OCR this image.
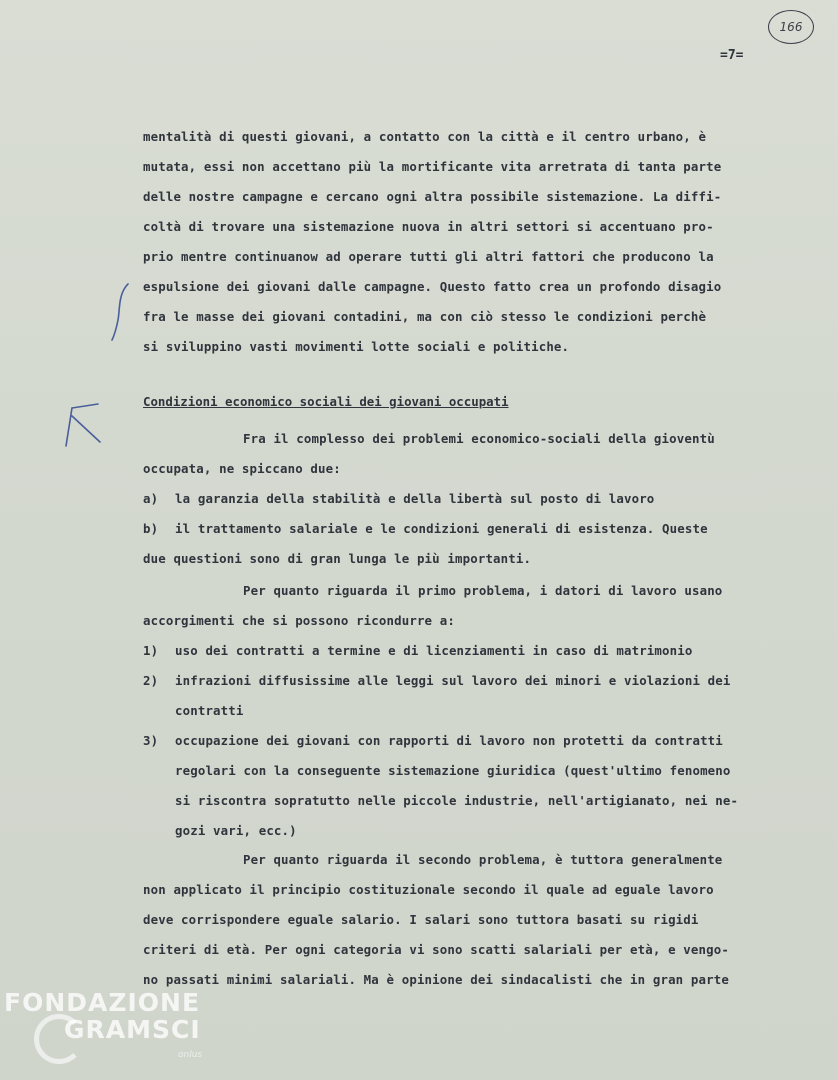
166
=7=
mentalità di questi giovani, a contatto con la città e il centro urbano, è
mutata, essi non accettano più la mortificante vita arretrata di tanta parte
delle nostre campagne e cercano ogni altra possibile sistemazione. La diffi-
coltà di trovare una sistemazione nuova in altri settori si accentuano pro-
prio mentre continuanow ad operare tutti gli altri fattori che producono la
espulsione dei giovani dalle campagne. Questo fatto crea un profondo disagio
fra le masse dei giovani contadini, ma con ciò stesso le condizioni perchè
si sviluppino vasti movimenti lotte sociali e politiche.
Condizioni economico sociali dei giovani occupati
Fra il complesso dei problemi economico-sociali della gioventù
occupata, ne spiccano due:
a)	la garanzia della stabilità e della libertà sul posto di lavoro
b)	il trattamento salariale e le condizioni generali di esistenza. Queste
due questioni sono di gran lunga le più importanti.
Per quanto riguarda il primo problema, i datori di lavoro usano
accorgimenti che si possono ricondurre a:
1)	uso dei contratti a termine e di licenziamenti in caso di matrimonio
2)	infrazioni diffusissime alle leggi sul lavoro dei minori e violazioni dei
contratti
3)	occupazione dei giovani con rapporti di lavoro non protetti da contratti
regolari con la conseguente sistemazione giuridica (quest'ultimo fenomeno
si riscontra sopratutto nelle piccole industrie, nell'artigianato, nei ne-
gozi vari, ecc.)
Per quanto riguarda il secondo problema, è tuttora generalmente
non applicato il principio costituzionale secondo il quale ad eguale lavoro
deve corrispondere eguale salario. I salari sono tuttora basati su rigidi
criteri di età. Per ogni categoria vi sono scatti salariali per età, e vengo-
no passati minimi salariali. Ma è opinione dei sindacalisti che in gran parte
FONDAZIONE
GRAMSCI
onlus
